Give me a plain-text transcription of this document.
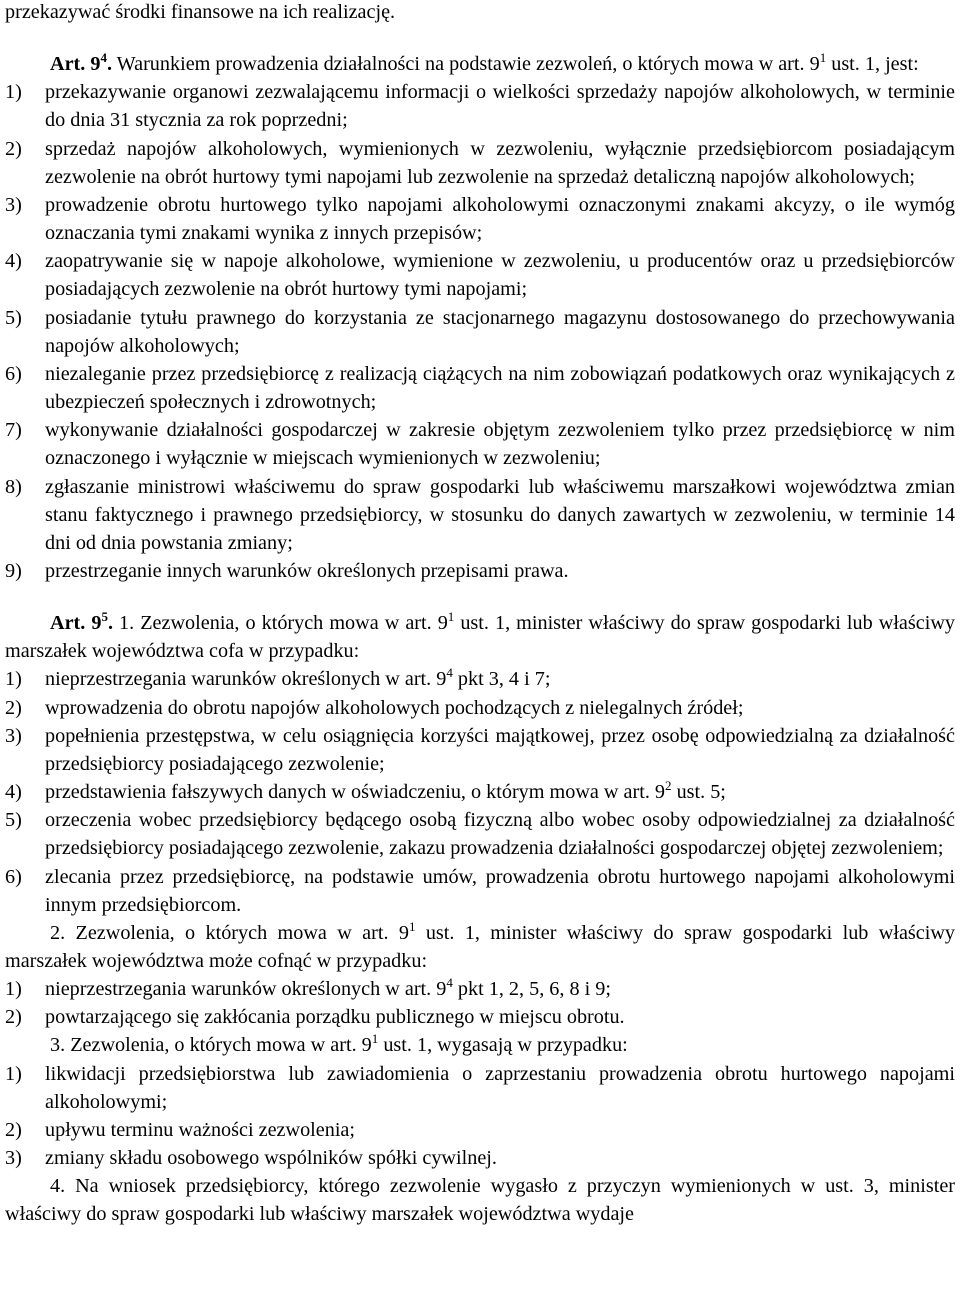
przekazywać środki finansowe na ich realizację.
Art. $9^4$. Warunkiem prowadzenia działalności na podstawie zezwoleń, o których mowa w art. $9^1$ ust. 1, jest:
1) przekazywanie organowi zezwalającemu informacji o wielkości sprzedaży napojów alkoholowych, w terminie do dnia 31 stycznia za rok poprzedni;
2) sprzedaż napojów alkoholowych, wymienionych w zezwoleniu, wyłącznie przedsiębiorcom posiadającym zezwolenie na obrót hurtowy tymi napojami lub zezwolenie na sprzedaż detaliczną napojów alkoholowych;
3) prowadzenie obrotu hurtowego tylko napojami alkoholowymi oznaczonymi znakami akcyzy, o ile wymóg oznaczania tymi znakami wynika z innych przepisów;
4) zaopatrywanie się w napoje alkoholowe, wymienione w zezwoleniu, u producentów oraz u przedsiębiorców posiadających zezwolenie na obrót hurtowy tymi napojami;
5) posiadanie tytułu prawnego do korzystania ze stacjonarnego magazynu dostosowanego do przechowywania napojów alkoholowych;
6) niezaleganie przez przedsiębiorcę z realizacją ciążących na nim zobowiązań podatkowych oraz wynikających z ubezpieczeń społecznych i zdrowotnych;
7) wykonywanie działalności gospodarczej w zakresie objętym zezwoleniem tylko przez przedsiębiorcę w nim oznaczonego i wyłącznie w miejscach wymienionych w zezwoleniu;
8) zgłaszanie ministrowi właściwemu do spraw gospodarki lub właściwemu marszałkowi województwa zmian stanu faktycznego i prawnego przedsiębiorcy, w stosunku do danych zawartych w zezwoleniu, w terminie 14 dni od dnia powstania zmiany;
9) przestrzeganie innych warunków określonych przepisami prawa.
Art. $9^5$. 1. Zezwolenia, o których mowa w art. $9^1$ ust. 1, minister właściwy do spraw gospodarki lub właściwy marszałek województwa cofa w przypadku:
1) nieprzestrzegania warunków określonych w art. $9^4$ pkt 3, 4 i 7;
2) wprowadzenia do obrotu napojów alkoholowych pochodzących z nielegalnych źródeł;
3) popełnienia przestępstwa, w celu osiągnięcia korzyści majątkowej, przez osobę odpowiedzialną za działalność przedsiębiorcy posiadającego zezwolenie;
4) przedstawienia fałszywych danych w oświadczeniu, o którym mowa w art. $9^2$ ust. 5;
5) orzeczenia wobec przedsiębiorcy będącego osobą fizyczną albo wobec osoby odpowiedzialnej za działalność przedsiębiorcy posiadającego zezwolenie, zakazu prowadzenia działalności gospodarczej objętej zezwoleniem;
6) zlecania przez przedsiębiorcę, na podstawie umów, prowadzenia obrotu hurtowego napojami alkoholowymi innym przedsiębiorcom.
2. Zezwolenia, o których mowa w art. $9^1$ ust. 1, minister właściwy do spraw gospodarki lub właściwy marszałek województwa może cofnąć w przypadku:
1) nieprzestrzegania warunków określonych w art. $9^4$ pkt 1, 2, 5, 6, 8 i 9;
2) powtarzającego się zakłócania porządku publicznego w miejscu obrotu.
3. Zezwolenia, o których mowa w art. $9^1$ ust. 1, wygasają w przypadku:
1) likwidacji przedsiębiorstwa lub zawiadomienia o zaprzestaniu prowadzenia obrotu hurtowego napojami alkoholowymi;
2) upływu terminu ważności zezwolenia;
3) zmiany składu osobowego wspólników spółki cywilnej.
4. Na wniosek przedsiębiorcy, którego zezwolenie wygasło z przyczyn wymienionych w ust. 3, minister właściwy do spraw gospodarki lub właściwy marszałek województwa wydaje
